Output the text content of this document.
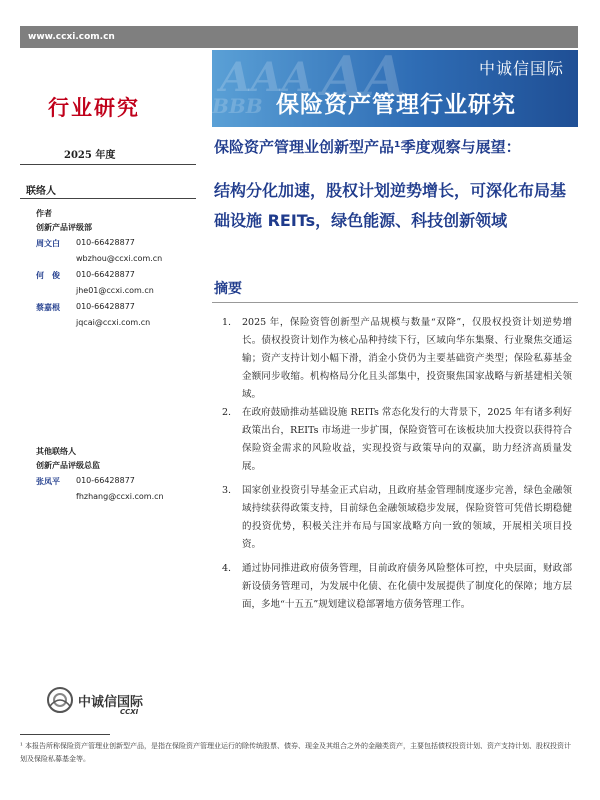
www.ccxi.com.cn
AAA AA
BBB
中诚信国际
保险资产管理行业研究
行业研究
2025 年度
联络人
作者
创新产品评级部
周文白 010-66428877
wbzhou@ccxi.com.cn
何　俊 010-66428877
jhe01@ccxi.com.cn
蔡嘉根 010-66428877
jqcai@ccxi.com.cn
其他联络人
创新产品评级总监
张凤平 010-66428877
fhzhang@ccxi.com.cn
保险资产管理业创新型产品¹季度观察与展望：
结构分化加速，股权计划逆势增长，可深化布局基础设施 REITs，绿色能源、科技创新领域
摘要
1.	2025 年，保险资管创新型产品规模与数量“双降”，仅股权投资计划逆势增长。债权投资计划作为核心品种持续下行，区域向华东集聚、行业聚焦交通运输；资产支持计划小幅下滑，消金小贷仍为主要基础资产类型；保险私募基金金额同步收缩。机构格局分化且头部集中，投资聚焦国家战略与新基建相关领域。
2.	在政府鼓励推动基础设施 REITs 常态化发行的大背景下，2025 年有诸多利好政策出台，REITs 市场进一步扩围，保险资管可在该板块加大投资以获得符合保险资金需求的风险收益，实现投资与政策导向的双赢，助力经济高质量发展。
3.	国家创业投资引导基金正式启动，且政府基金管理制度逐步完善，绿色金融领域持续获得政策支持，目前绿色金融领域稳步发展，保险资管可凭借长期稳健的投资优势，积极关注并布局与国家战略方向一致的领域，开展相关项目投资。
4.	通过协同推进政府债务管理，目前政府债务风险整体可控，中央层面，财政部新设债务管理司，为发展中化债、在化债中发展提供了制度化的保障；地方层面，多地“十五五”规划建议稳部署地方债务管理工作。
中诚信国际
CCXI
¹ 本报告所称保险资产管理业创新型产品，是指在保险资产管理业运行的除传统股票、债券、现金及其组合之外的金融类资产，主要包括债权投资计划、资产支持计划、股权投资计划及保险私募基金等。
